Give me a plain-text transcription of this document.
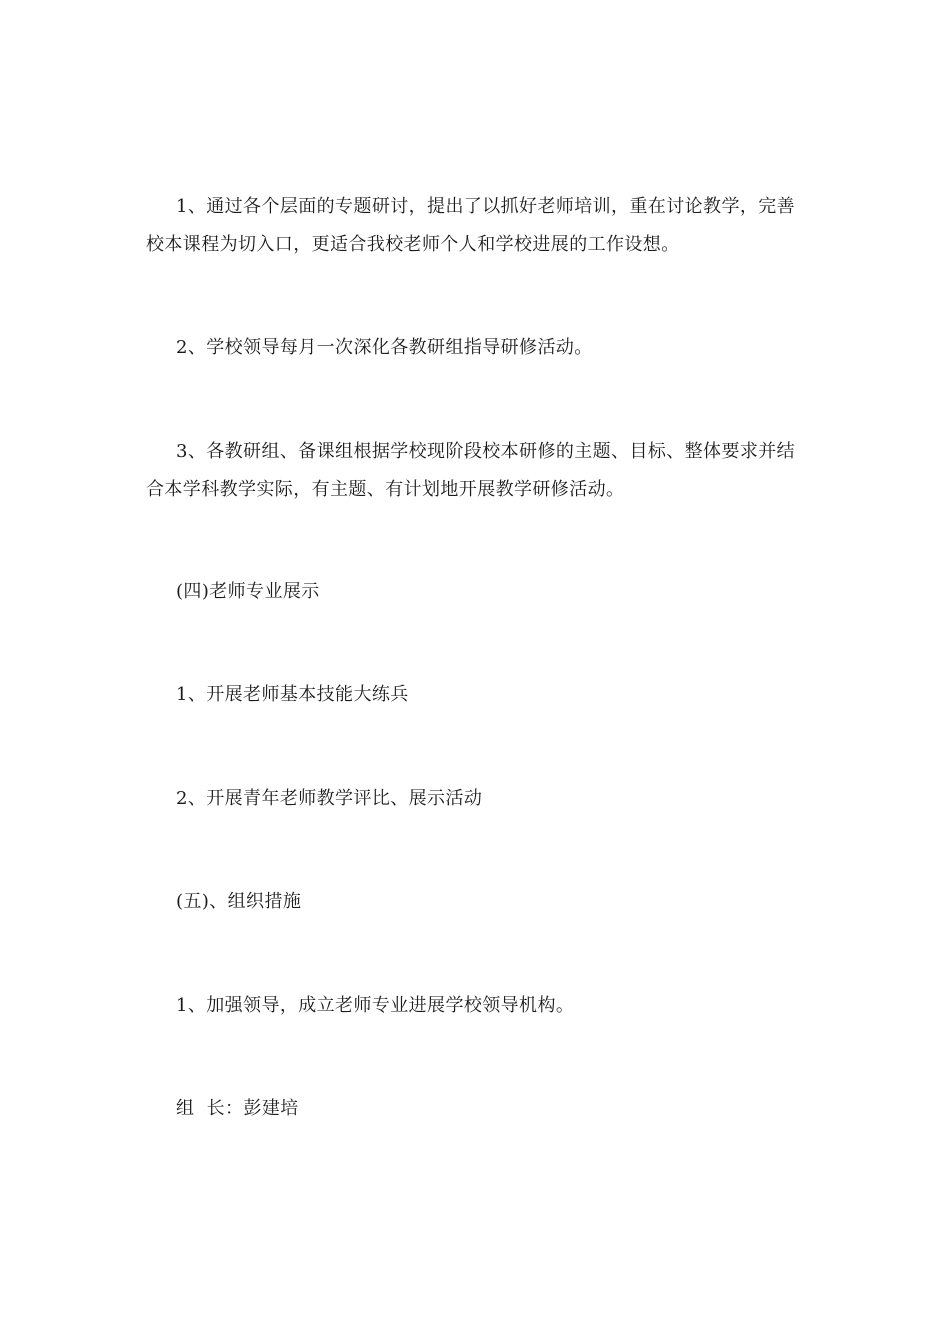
1、通过各个层面的专题研讨，提出了以抓好老师培训，重在讨论教学，完善校本课程为切入口，更适合我校老师个人和学校进展的工作设想。

2、学校领导每月一次深化各教研组指导研修活动。

3、各教研组、备课组根据学校现阶段校本研修的主题、目标、整体要求并结合本学科教学实际，有主题、有计划地开展教学研修活动。

(四)老师专业展示

1、开展老师基本技能大练兵

2、开展青年老师教学评比、展示活动

(五)、组织措施

1、加强领导，成立老师专业进展学校领导机构。

组  长：彭建培
